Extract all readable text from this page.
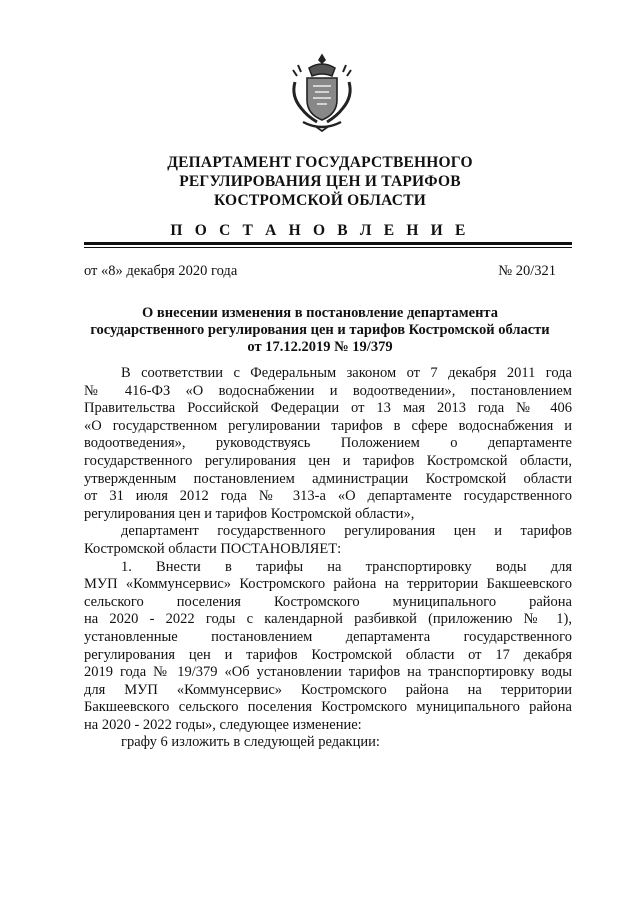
ДЕПАРТАМЕНТ ГОСУДАРСТВЕННОГО
РЕГУЛИРОВАНИЯ ЦЕН И ТАРИФОВ
КОСТРОМСКОЙ ОБЛАСТИ
П О С Т А Н О В Л Е Н И Е
от «8» декабря 2020 года	№ 20/321
О внесении изменения в постановление департамента
государственного регулирования цен и тарифов Костромской области
от 17.12.2019 № 19/379
В соответствии с Федеральным законом от 7 декабря 2011 года
№ 416-ФЗ «О водоснабжении и водоотведении», постановлением
Правительства Российской Федерации от 13 мая 2013 года № 406
«О государственном регулировании тарифов в сфере водоснабжения и
водоотведения», руководствуясь Положением о департаменте
государственного регулирования цен и тарифов Костромской области,
утвержденным постановлением администрации Костромской области
от 31 июля 2012 года № 313-а «О департаменте государственного
регулирования цен и тарифов Костромской области»,
департамент государственного регулирования цен и тарифов
Костромской области ПОСТАНОВЛЯЕТ:
1. Внести в тарифы на транспортировку воды для
МУП «Коммунсервис» Костромского района на территории Бакшеевского
сельского поселения Костромского муниципального района
на 2020 - 2022 годы с календарной разбивкой (приложению № 1),
установленные постановлением департамента государственного
регулирования цен и тарифов Костромской области от 17 декабря
2019 года № 19/379 «Об установлении тарифов на транспортировку воды
для МУП «Коммунсервис» Костромского района на территории
Бакшеевского сельского поселения Костромского муниципального района
на 2020 - 2022 годы», следующее изменение:
графу 6 изложить в следующей редакции:
